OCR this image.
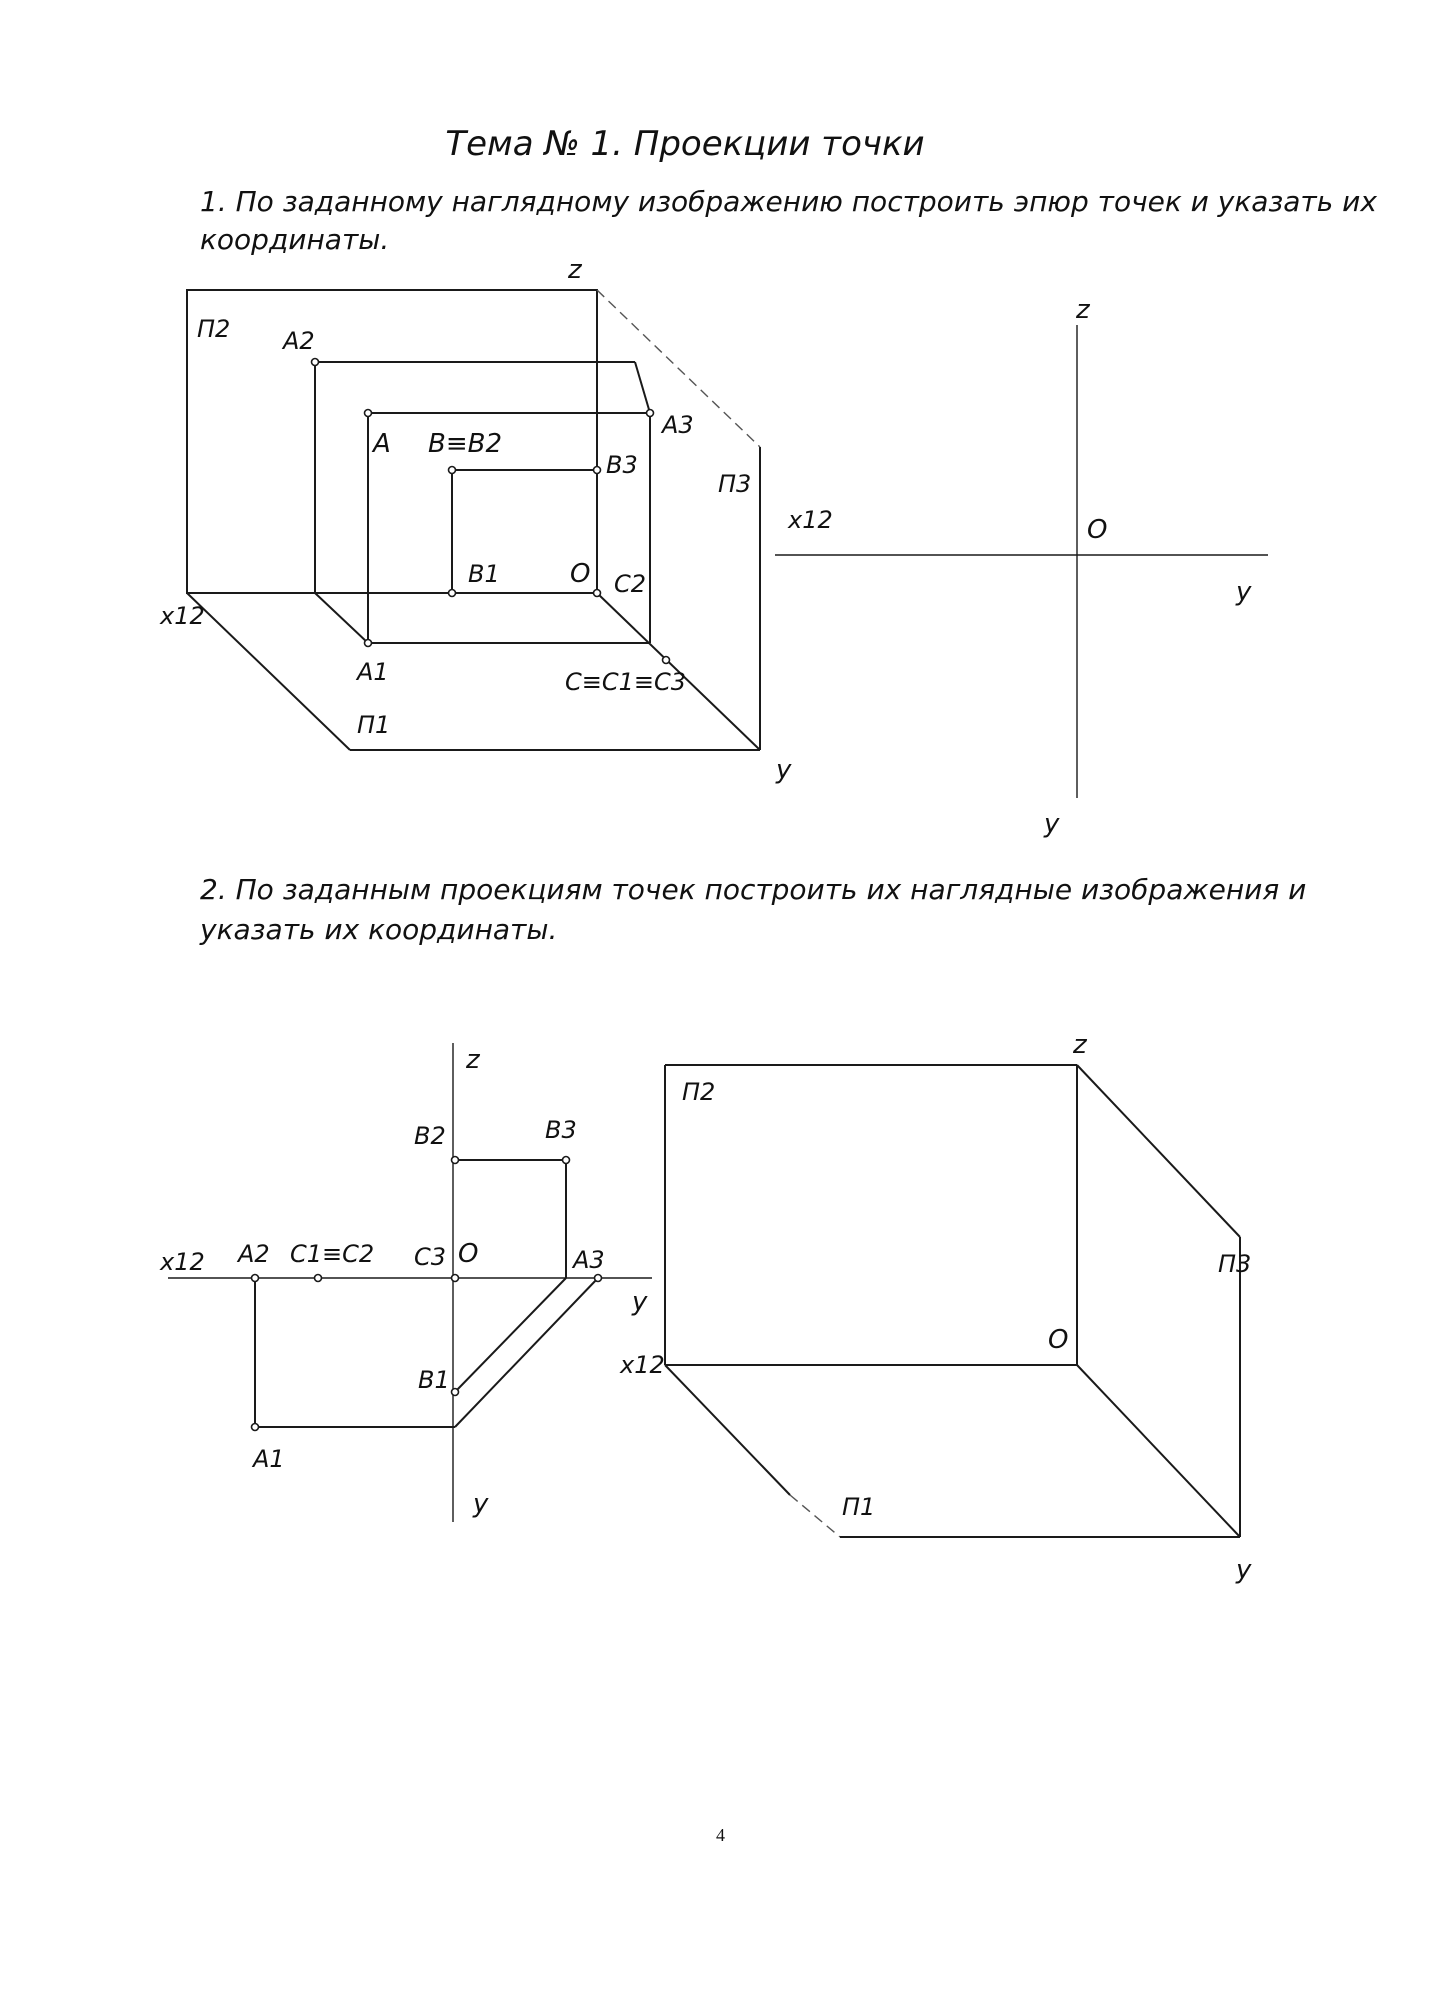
Тема № 1. Проекции точки
1. По заданному наглядному изображению построить эпюр точек и указать их
координаты.
2. По заданным проекциям точек построить их наглядные изображения и
указать их координаты.
4
z
П2 A2
A B≡B2
A3
B3
П3
B1	O C2
x12
A1	C≡C1≡C3
П1
y
z
x12	O
y
y
z
B2	B3
x12 A2 C1≡C2 C3 O	A3
y
B1
A1
y
z
П2
П3
O
x12
П1
y
